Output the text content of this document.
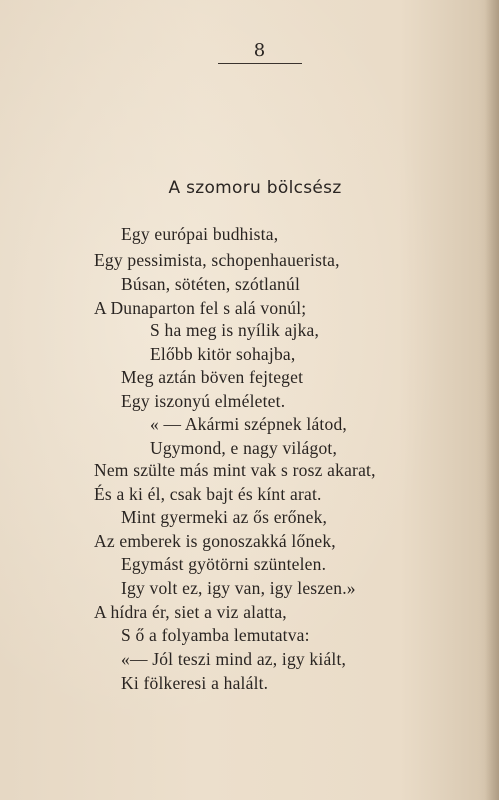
8
A szomoru bölcsész
Egy európai budhista,
Egy pessimista, schopenhauerista,
Búsan, sötéten, szótlanúl
A Dunaparton fel s alá vonúl;
S ha meg is nyílik ajka,
Előbb kitör sohajba,
Meg aztán böven fejteget
Egy iszonyú elméletet.
« — Akármi szépnek látod,
Ugymond, e nagy világot,
Nem szülte más mint vak s rosz akarat,
És a ki él, csak bajt és kínt arat.
Mint gyermeki az ős erőnek,
Az emberek is gonoszakká lőnek,
Egymást gyötörni szüntelen.
Igy volt ez, igy van, igy leszen.»
A hídra ér, siet a viz alatta,
S ő a folyamba lemutatva:
«— Jól teszi mind az, igy kiált,
Ki fölkeresi a halált.
